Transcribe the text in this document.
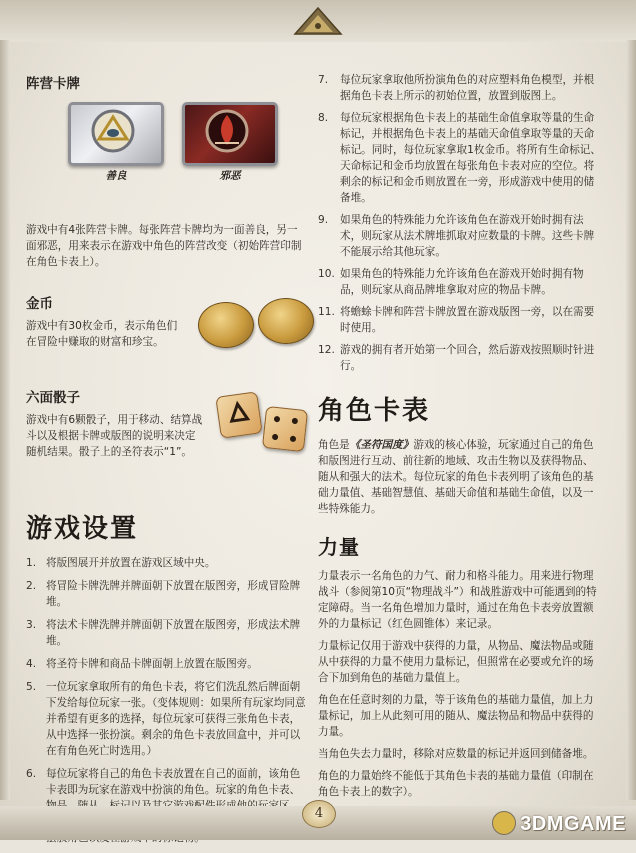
阵营卡牌
善良	邪恶
游戏中有4张阵营卡牌。每张阵营卡牌均为一面善良，另一面邪恶，用来表示在游戏中角色的阵营改变（初始阵营印制在角色卡表上）。
金币
游戏中有30枚金币，表示角色们在冒险中赚取的财富和珍宝。
六面骰子
游戏中有6颗骰子，用于移动、结算战斗以及根据卡牌或版图的说明来决定随机结果。骰子上的圣符表示“1”。
游戏设置
1. 将版图展开并放置在游戏区域中央。
2. 将冒险卡牌洗牌并牌面朝下放置在版图旁，形成冒险牌堆。
3. 将法术卡牌洗牌并牌面朝下放置在版图旁，形成法术牌堆。
4. 将圣符卡牌和商品卡牌面朝上放置在版图旁。
5. 一位玩家拿取所有的角色卡表，将它们洗乱然后牌面朝下发给每位玩家一张。（变体规则：如果所有玩家均同意并希望有更多的选择，每位玩家可获得三张角色卡表，从中选择一张扮演。剩余的角色卡表放回盒中，并可以在有角色死亡时选用。）
6. 每位玩家将自己的角色卡表放置在自己的面前，该角色卡表即为玩家在游戏中扮演的角色。玩家的角色卡表、
7. 每位玩家拿取他所扮演角色的对应塑料角色模型，并根据角色卡表上所示的初始位置，放置到版图上。
8. 每位玩家根据角色卡表上的基础生命值拿取等量的生命标记，并根据角色卡表上的基础天命值拿取等量的天命标记。同时，每位玩家拿取1枚金币。将所有生命标记、天命标记和金币均放置在每张角色卡表对应的空位。将剩余的标记和金币则放置在一旁，形成游戏中使用的储备堆。
9. 如果角色的特殊能力允许该角色在游戏开始时拥有法术，则玩家从法术牌堆抓取对应数量的卡牌。这些卡牌不能展示给其他玩家。
10. 如果角色的特殊能力允许该角色在游戏开始时拥有物品，则玩家从商品牌堆拿取对应的物品卡牌。
11. 将蟾蜍卡牌和阵营卡牌放置在游戏版图一旁，以在需要时使用。
12. 游戏的拥有者开始第一个回合，然后游戏按照顺时针进行。
角色卡表
角色是《圣符国度》游戏的核心体验，玩家通过自己的角色和版图进行互动、前往新的地域、攻击生物以及获得物品、随从和强大的法术。每位玩家的角色卡表列明了该角色的基础力量值、基础智慧值、基础天命值和基础生命值，以及一些特殊能力。
力量
力量表示一名角色的力气、耐力和格斗能力。用来进行物理战斗（参阅第10页“物理战斗”）和战胜游戏中可能遇到的特定障碍。当一名角色增加力量时，通过在角色卡表旁放置额外的力量标记（红色圆锥体）来记录。
力量标记仅用于游戏中获得的力量，从物品、魔法物品或随从中获得的力量不使用力量标记，但照常在必要或允许的场合下加到角色的基础力量值上。
角色在任意时刻的力量，等于该角色的基础力量值，加上力量标记，加上从此刻可用的随从、魔法物品和物品中获得的力量。
当角色失去力量时，移除对应数量的标记并返回到储备堆。
角色的力量始终不能低于其角色卡表的基础力量值（印制在角色卡表上的数字）。
4	3DMGAME
